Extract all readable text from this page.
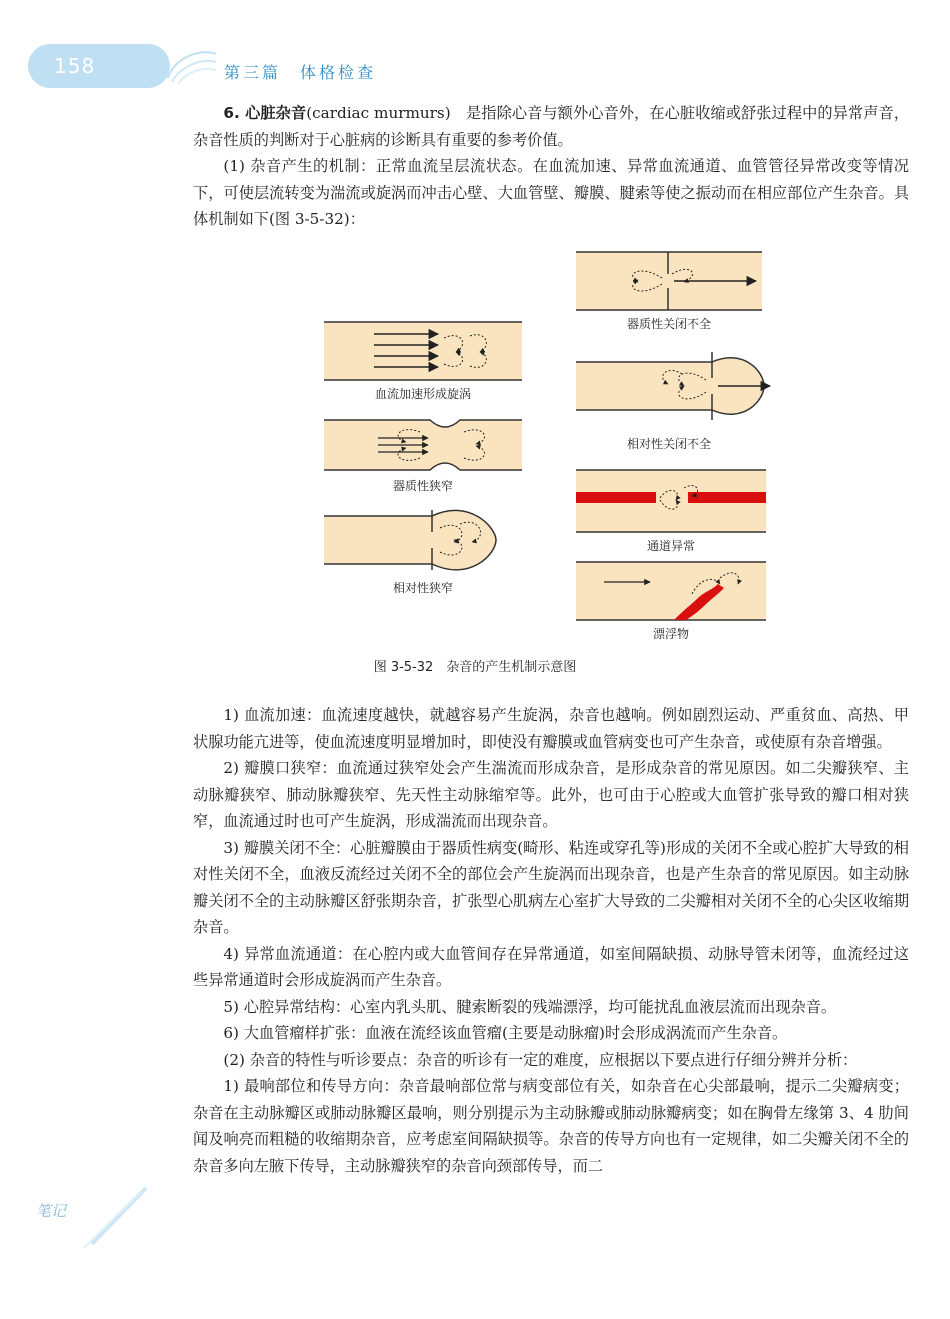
158	第三篇　体格检查

6. 心脏杂音(cardiac murmurs)　是指除心音与额外心音外，在心脏收缩或舒张过程中的异常声音，杂音性质的判断对于心脏病的诊断具有重要的参考价值。

(1) 杂音产生的机制：正常血流呈层流状态。在血流加速、异常血流通道、血管管径异常改变等情况下，可使层流转变为湍流或旋涡而冲击心壁、大血管壁、瓣膜、腱索等使之振动而在相应部位产生杂音。具体机制如下(图 3-5-32)：

血流加速形成旋涡
器质性狭窄
相对性狭窄
器质性关闭不全
相对性关闭不全
通道异常
漂浮物
图 3-5-32　杂音的产生机制示意图

1) 血流加速：血流速度越快，就越容易产生旋涡，杂音也越响。例如剧烈运动、严重贫血、高热、甲状腺功能亢进等，使血流速度明显增加时，即使没有瓣膜或血管病变也可产生杂音，或使原有杂音增强。

2) 瓣膜口狭窄：血流通过狭窄处会产生湍流而形成杂音，是形成杂音的常见原因。如二尖瓣狭窄、主动脉瓣狭窄、肺动脉瓣狭窄、先天性主动脉缩窄等。此外，也可由于心腔或大血管扩张导致的瓣口相对狭窄，血流通过时也可产生旋涡，形成湍流而出现杂音。

3) 瓣膜关闭不全：心脏瓣膜由于器质性病变(畸形、粘连或穿孔等)形成的关闭不全或心腔扩大导致的相对性关闭不全，血液反流经过关闭不全的部位会产生旋涡而出现杂音，也是产生杂音的常见原因。如主动脉瓣关闭不全的主动脉瓣区舒张期杂音，扩张型心肌病左心室扩大导致的二尖瓣相对关闭不全的心尖区收缩期杂音。

4) 异常血流通道：在心腔内或大血管间存在异常通道，如室间隔缺损、动脉导管未闭等，血流经过这些异常通道时会形成旋涡而产生杂音。

5) 心腔异常结构：心室内乳头肌、腱索断裂的残端漂浮，均可能扰乱血液层流而出现杂音。

6) 大血管瘤样扩张：血液在流经该血管瘤(主要是动脉瘤)时会形成涡流而产生杂音。

(2) 杂音的特性与听诊要点：杂音的听诊有一定的难度，应根据以下要点进行仔细分辨并分析：

1) 最响部位和传导方向：杂音最响部位常与病变部位有关，如杂音在心尖部最响，提示二尖瓣病变；杂音在主动脉瓣区或肺动脉瓣区最响，则分别提示为主动脉瓣或肺动脉瓣病变；如在胸骨左缘第 3、4 肋间闻及响亮而粗糙的收缩期杂音，应考虑室间隔缺损等。杂音的传导方向也有一定规律，如二尖瓣关闭不全的杂音多向左腋下传导，主动脉瓣狭窄的杂音向颈部传导，而二

笔记
